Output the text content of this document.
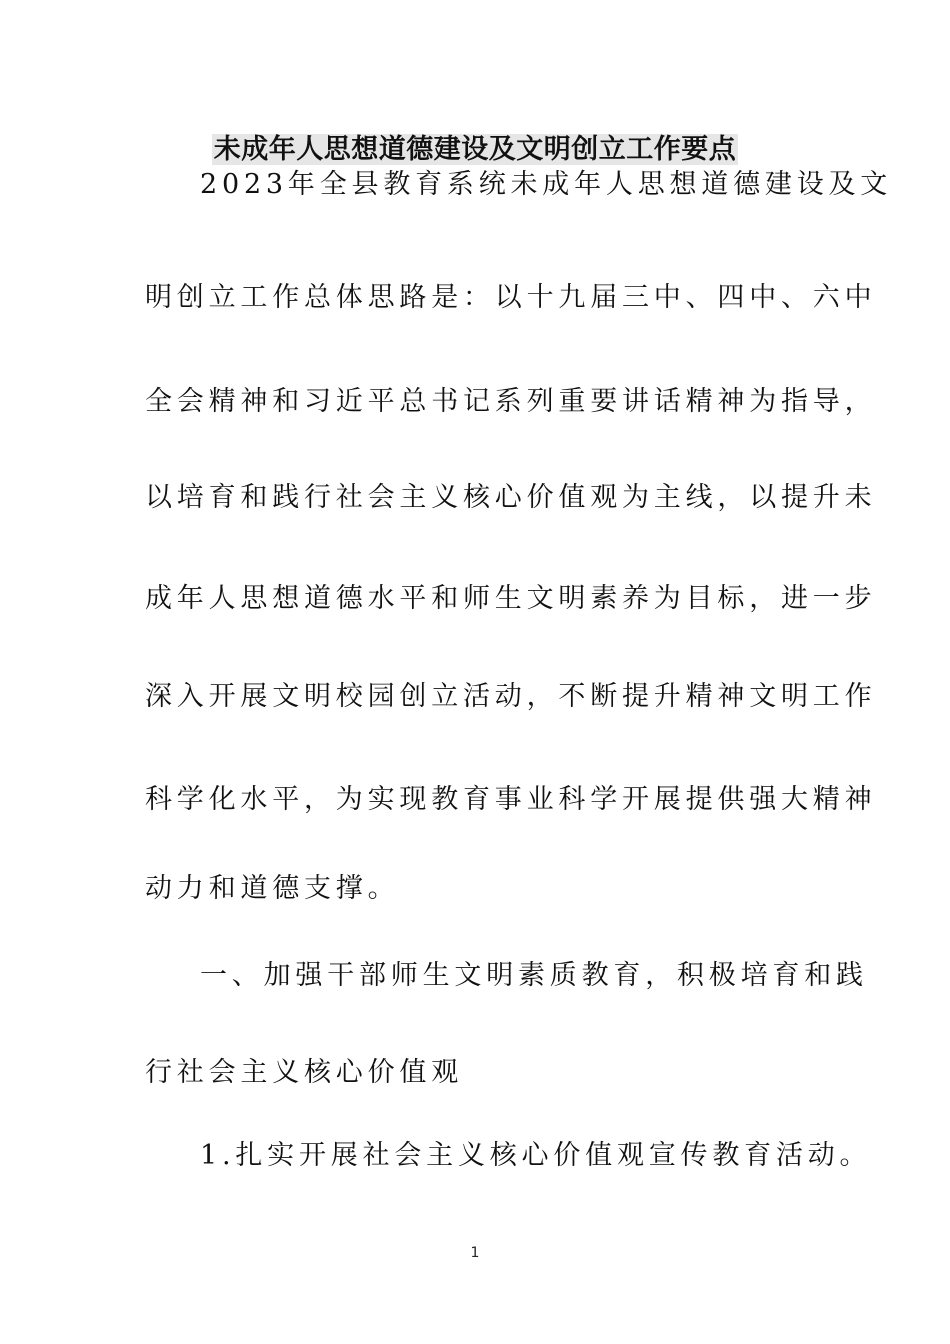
未成年人思想道德建设及文明创立工作要点

2023年全县教育系统未成年人思想道德建设及文

明创立工作总体思路是：以十九届三中、四中、六中

全会精神和习近平总书记系列重要讲话精神为指导，

以培育和践行社会主义核心价值观为主线，以提升未

成年人思想道德水平和师生文明素养为目标，进一步

深入开展文明校园创立活动，不断提升精神文明工作

科学化水平，为实现教育事业科学开展提供强大精神

动力和道德支撑。

一、加强干部师生文明素质教育，积极培育和践

行社会主义核心价值观

1.扎实开展社会主义核心价值观宣传教育活动。

1
